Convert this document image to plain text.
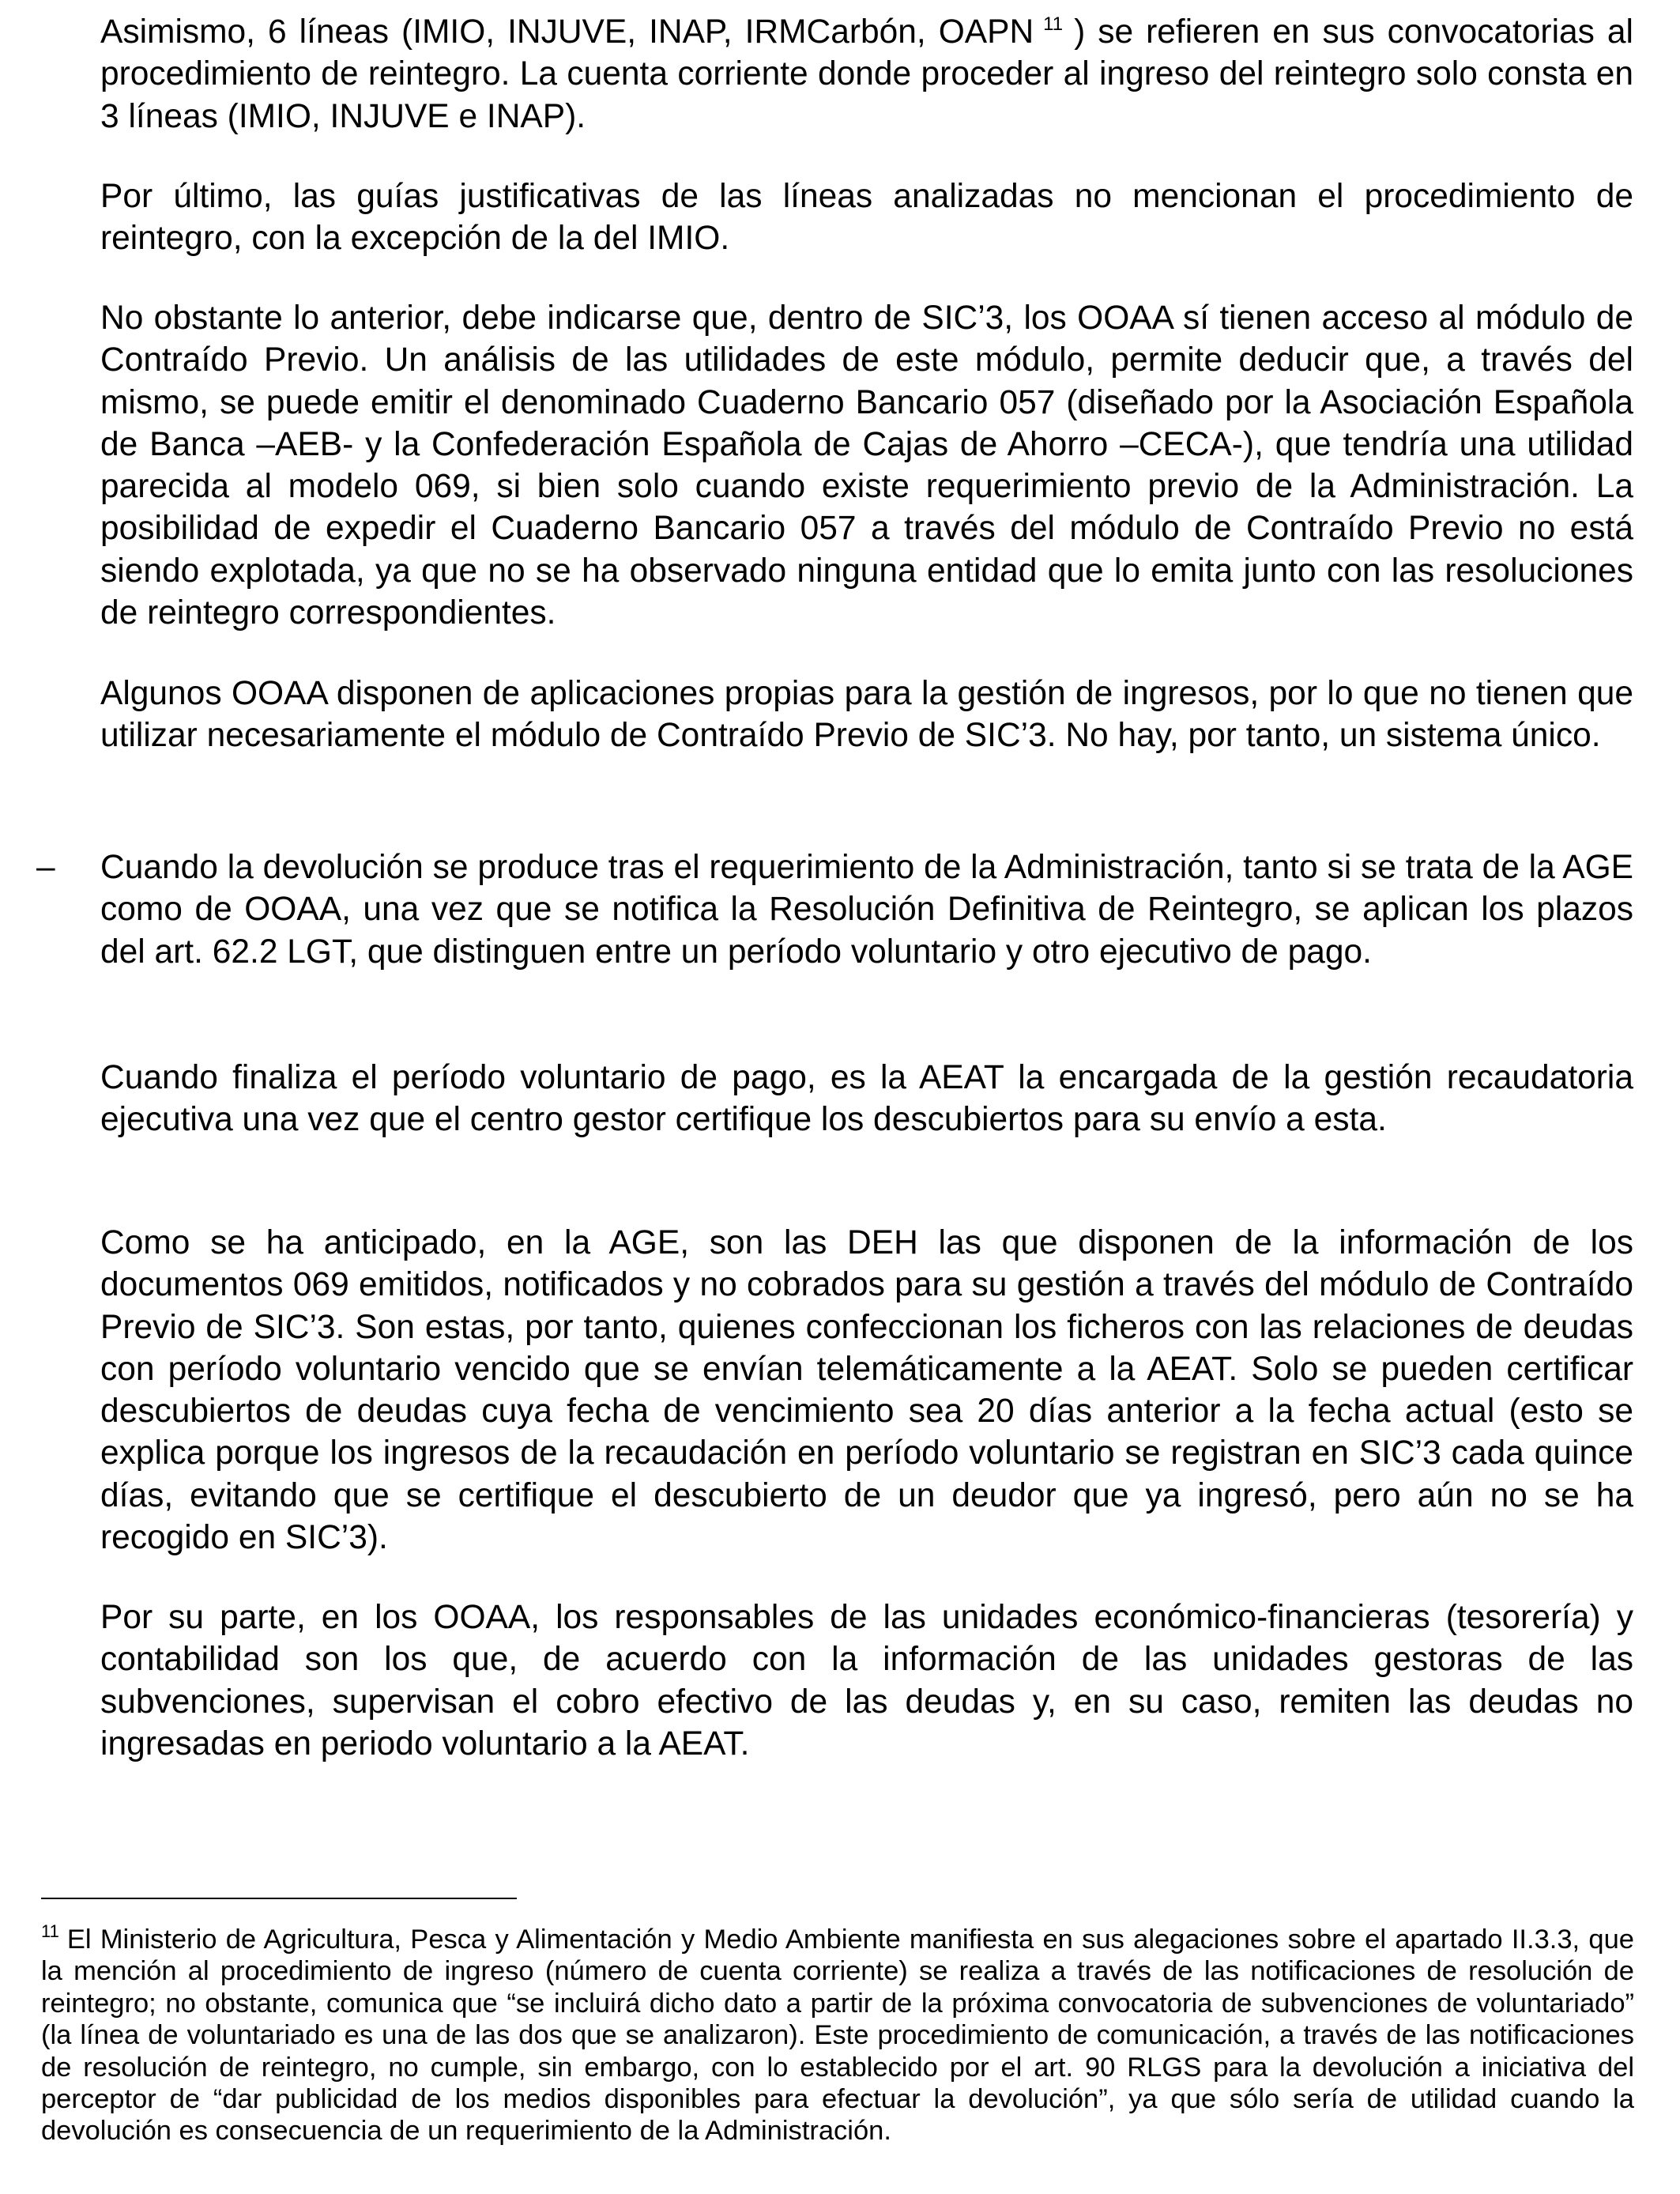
Asimismo, 6 líneas (IMIO, INJUVE, INAP, IRMCarbón, OAPN $^{11}$ ) se refieren en sus convocatorias al procedimiento de reintegro. La cuenta corriente donde proceder al ingreso del reintegro solo consta en 3 líneas (IMIO, INJUVE e INAP).

Por último, las guías justificativas de las líneas analizadas no mencionan el procedimiento de reintegro, con la excepción de la del IMIO.

No obstante lo anterior, debe indicarse que, dentro de SIC’3, los OOAA sí tienen acceso al módulo de Contraído Previo. Un análisis de las utilidades de este módulo, permite deducir que, a través del mismo, se puede emitir el denominado Cuaderno Bancario 057 (diseñado por la Asociación Española de Banca –AEB- y la Confederación Española de Cajas de Ahorro –CECA-), que tendría una utilidad parecida al modelo 069, si bien solo cuando existe requerimiento previo de la Administración. La posibilidad de expedir el Cuaderno Bancario 057 a través del módulo de Contraído Previo no está siendo explotada, ya que no se ha observado ninguna entidad que lo emita junto con las resoluciones de reintegro correspondientes.

Algunos OOAA disponen de aplicaciones propias para la gestión de ingresos, por lo que no tienen que utilizar necesariamente el módulo de Contraído Previo de SIC’3. No hay, por tanto, un sistema único.

– Cuando la devolución se produce tras el requerimiento de la Administración, tanto si se trata de la AGE como de OOAA, una vez que se notifica la Resolución Definitiva de Reintegro, se aplican los plazos del art. 62.2 LGT, que distinguen entre un período voluntario y otro ejecutivo de pago.

Cuando finaliza el período voluntario de pago, es la AEAT la encargada de la gestión recaudatoria ejecutiva una vez que el centro gestor certifique los descubiertos para su envío a esta.

Como se ha anticipado, en la AGE, son las DEH las que disponen de la información de los documentos 069 emitidos, notificados y no cobrados para su gestión a través del módulo de Contraído Previo de SIC’3. Son estas, por tanto, quienes confeccionan los ficheros con las relaciones de deudas con período voluntario vencido que se envían telemáticamente a la AEAT. Solo se pueden certificar descubiertos de deudas cuya fecha de vencimiento sea 20 días anterior a la fecha actual (esto se explica porque los ingresos de la recaudación en período voluntario se registran en SIC’3 cada quince días, evitando que se certifique el descubierto de un deudor que ya ingresó, pero aún no se ha recogido en SIC’3).

Por su parte, en los OOAA, los responsables de las unidades económico-financieras (tesorería) y contabilidad son los que, de acuerdo con la información de las unidades gestoras de las subvenciones, supervisan el cobro efectivo de las deudas y, en su caso, remiten las deudas no ingresadas en periodo voluntario a la AEAT.

$^{11}$ El Ministerio de Agricultura, Pesca y Alimentación y Medio Ambiente manifiesta en sus alegaciones sobre el apartado II.3.3, que la mención al procedimiento de ingreso (número de cuenta corriente) se realiza a través de las notificaciones de resolución de reintegro; no obstante, comunica que “se incluirá dicho dato a partir de la próxima convocatoria de subvenciones de voluntariado” (la línea de voluntariado es una de las dos que se analizaron). Este procedimiento de comunicación, a través de las notificaciones de resolución de reintegro, no cumple, sin embargo, con lo establecido por el art. 90 RLGS para la devolución a iniciativa del perceptor de “dar publicidad de los medios disponibles para efectuar la devolución”, ya que sólo sería de utilidad cuando la devolución es consecuencia de un requerimiento de la Administración.
